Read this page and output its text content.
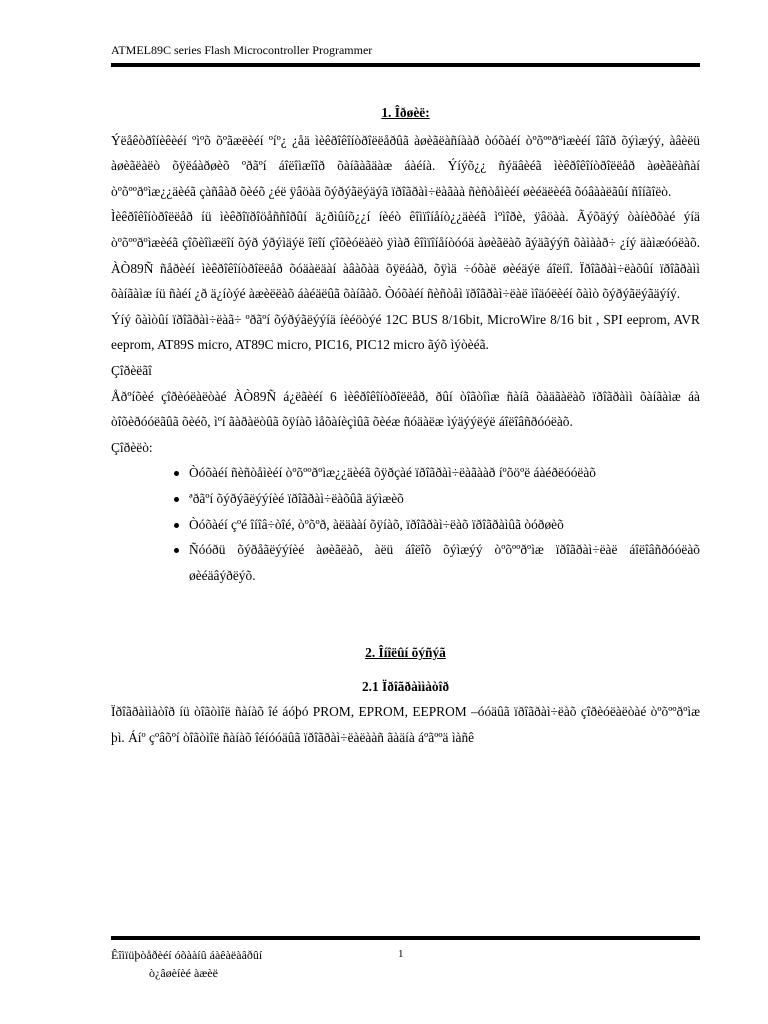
ATMEL89C series Flash Microcontroller Programmer
1. Îðøèë:

Ýëåêòðîíèêèéí ºìºõ õºãæëèéí ºíº¿ ¿åä ìèêðîêîíòðîëëåðûã àøèãëàñíààð òóõàéí òºõººðºìæèéí îâîð õýìæýý, àâèëü àøèãëàëò õÿëáàðøèõ ºðãºí áîëîìæîîð õàíãàãäàæ áàéíà. Ýíýõ¿¿ ñýäâèéã ìèêðîêîíòðîëëåð àøèãëàñàí òºõººðºìæ¿¿äèéã çàñâàð õèéõ ¿éë ÿâöàä õýðýãëýäýã ïðîãðàì÷ëàãàà ñèñòåìèéí øèéäëèéã õóâààëãûí ñîíãîëò.

Ìèêðîêîíòðîëëåð íü ìèêðîïðîöåññîðûí ä¿ðìûíõ¿¿í íèéò êîìïîíåíò¿¿äèéã ìºìîðè, ÿâöàà. Ãýõäýý òàíèðõàé ýíä òºõººðºìæèéã çîõèîìæëîí õýð ýðýìäýë îëîí çîõèóëàëò ÿìàð êîìïîíåíòóóä àøèãëàõ ãýäãýýñ õàìààð÷ ¿íý äàìæóóëàõ. ÀÒ89Ñ ñåðèéí ìèêðîêîíòðîëëåð õóäàëäàí àâàõàä õÿëáàð, õÿìä ÷óõàë øèéäýë áîëíî. Ïðîãðàì÷ëàõûí ïðîãðàìì õàíãàìæ íü ñàéí ¿ð ä¿íòýé àæèëëàõ áàéäëûã õàíãàõ. Òóõàéí ñèñòåì ïðîãðàì÷ëàë ìîäóëèéí õàìò õýðýãëýãäýíý.

Ýíý õàìòûí ïðîãðàì÷ëàã÷ ºðãºí õýðýãëýýíä íèéöòýé 12C BUS 8/16bit, MicroWire 8/16 bit , SPI eeprom, AVR eeprom, AT89S micro, AT89C micro, PIC16, PIC12 micro ãýõ ìýòèéã.

Çîðèëãî

Åðºíõèé çîðèóëàëòàé ÀÒ89Ñ á¿ëãèéí 6 ìèêðîêîíòðîëëåð, ðûí òîãòîìæ ñàíã õàäãàëàõ ïðîãðàìì õàíãàìæ áà òîõèðóóëãûã õèéõ, ìºí ãàðàëòûã õÿíàõ ìåõàíèçìûã õèéæ ñóäàëæ ìýäýýëýë áîëîâñðóóëàõ.

Çîðèëò:

Òóõàéí ñèñòåìèéí òºõººðºìæ¿¿äèéã õÿðçàé ïðîãðàì÷ëàãààð íºõöºë áàéðëóóëàõ
ªðãºí õýðýãëýýíèé ïðîãðàì÷ëàõûã äýìæèõ
Òóõàéí çºé îíîâ÷òîé, òºõºð, àëäààí õÿíàõ, ïðîãðàì÷ëàõ ïðîãðàìûã òóðøèõ
Ñóóðü õýðåãëýýíèé àøèãëàõ, àëü áîëîõ õýìæýý òºõººðºìæ ïðîãðàì÷ëàë áîëîâñðóóëàõ øèéäâýðëýõ.
2. Îíîëûí õýñýã
2.1 Ïðîãðàììàòîð

Ïðîãðàììàòîð íü òîãòìîë ñàíàõ îé áóþó PROM, EPROM, EEPROM –óóäûã ïðîãðàì÷ëàõ çîðèóëàëòàé òºõººðºìæ þì. Áíº çºâõºí òîãòìîë ñàíàõ îéíóóäûã ïðîãðàì÷ëàëààñ ãàäíà áºãººä ìàñê

Êîìïüþòåðèéí óõààíû áàêàëàâðûí
ò¿âøèíèé àæèë
1
